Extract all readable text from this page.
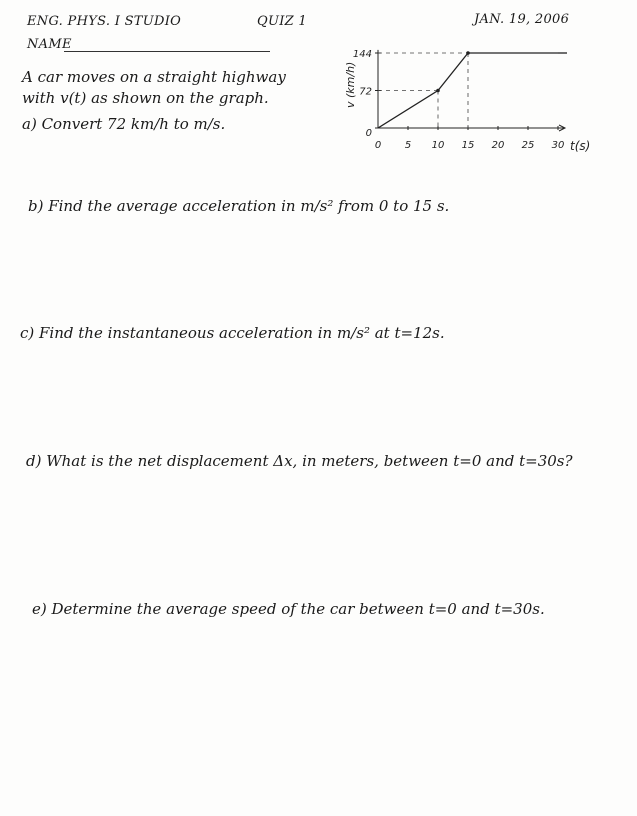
ENG. PHYS. I STUDIO	QUIZ 1	JAN. 19, 2006
NAME
A car moves on a straight highway
with v(t) as shown on the graph.
a) Convert 72 km/h to m/s.
0 5 10 15 20 25 30
0
72
144
v (km/h)
t(s)
b) Find the average acceleration in m/s² from 0 to 15 s.
c) Find the instantaneous acceleration in m/s² at t=12s.
d) What is the net displacement Δx, in meters, between t=0 and t=30s?
e) Determine the average speed of the car between t=0 and t=30s.
